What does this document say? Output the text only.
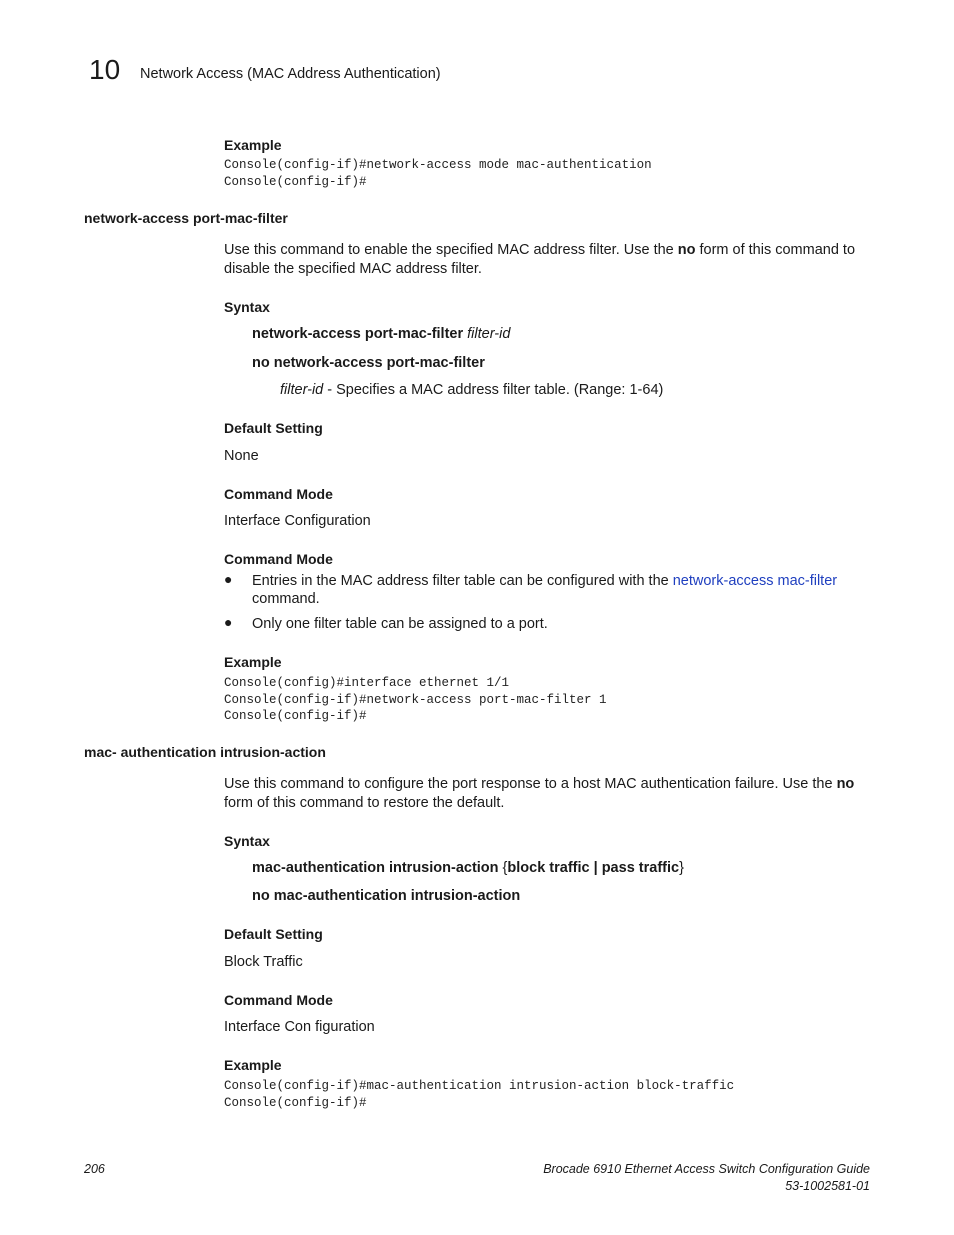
10 Network Access (MAC Address Authentication)
Example
Console(config-if)#network-access mode mac-authentication
Console(config-if)#
network-access port-mac-filter
Use this command to enable the specified MAC address filter. Use the no form of this command to disable the specified MAC address filter.
Syntax
network-access port-mac-filter filter-id
no network-access port-mac-filter
filter-id - Specifies a MAC address filter table. (Range: 1-64)
Default Setting
None
Command Mode
Interface Configuration
Command Mode
●	Entries in the MAC address filter table can be configured with the network-access mac-filter command.
●	Only one filter table can be assigned to a port.
Example
Console(config)#interface ethernet 1/1
Console(config-if)#network-access port-mac-filter 1
Console(config-if)#
mac- authentication intrusion-action
Use this command to configure the port response to a host MAC authentication failure. Use the no form of this command to restore the default.
Syntax
mac-authentication intrusion-action {block traffic | pass traffic}
no mac-authentication intrusion-action
Default Setting
Block Traffic
Command Mode
Interface Con figuration
Example
Console(config-if)#mac-authentication intrusion-action block-traffic
Console(config-if)#
206	Brocade 6910 Ethernet Access Switch Configuration Guide
53-1002581-01
